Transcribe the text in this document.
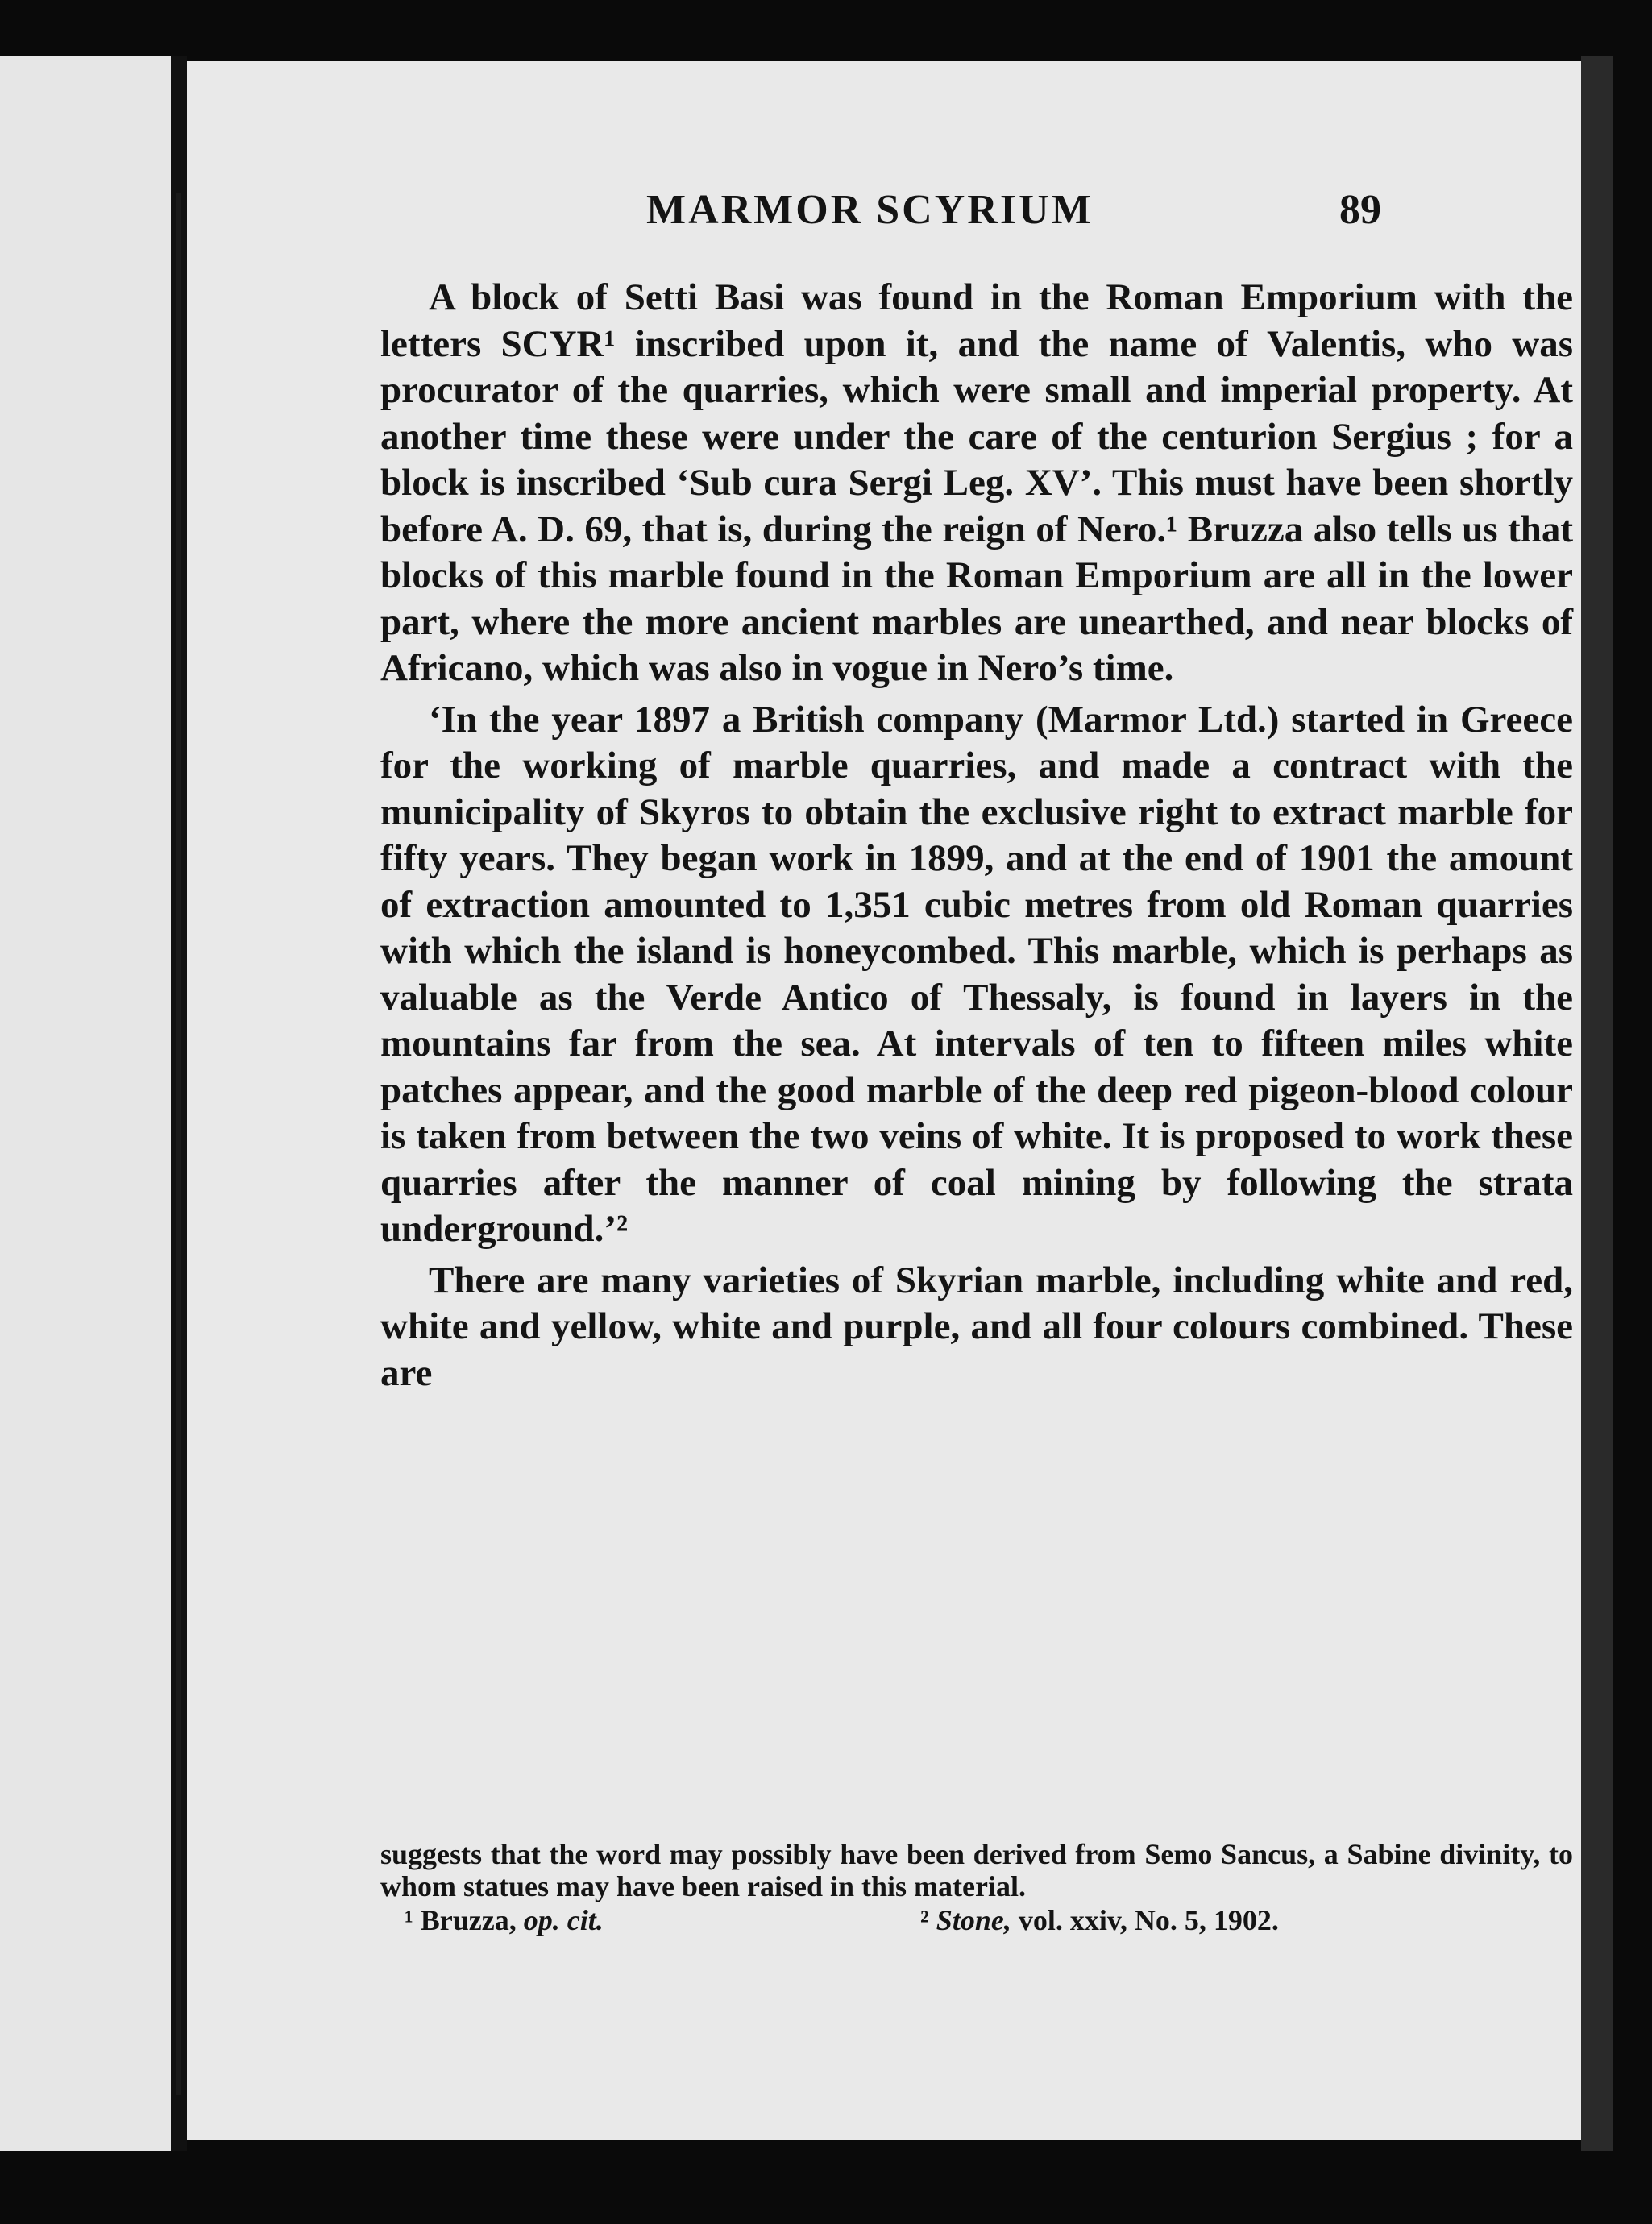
MARMOR SCYRIUM	89

A block of Setti Basi was found in the Roman Emporium with the letters SCYR¹ inscribed upon it, and the name of Valentis, who was procurator of the quarries, which were small and imperial property. At another time these were under the care of the centurion Sergius ; for a block is inscribed ‘Sub cura Sergi Leg. XV’. This must have been shortly before A. D. 69, that is, during the reign of Nero.¹ Bruzza also tells us that blocks of this marble found in the Roman Emporium are all in the lower part, where the more ancient marbles are unearthed, and near blocks of Africano, which was also in vogue in Nero’s time.

‘In the year 1897 a British company (Marmor Ltd.) started in Greece for the working of marble quarries, and made a contract with the municipality of Skyros to obtain the exclusive right to extract marble for fifty years. They began work in 1899, and at the end of 1901 the amount of extraction amounted to 1,351 cubic metres from old Roman quarries with which the island is honeycombed. This marble, which is perhaps as valuable as the Verde Antico of Thessaly, is found in layers in the mountains far from the sea. At intervals of ten to fifteen miles white patches appear, and the good marble of the deep red pigeon-blood colour is taken from between the two veins of white. It is proposed to work these quarries after the manner of coal mining by following the strata underground.’²

There are many varieties of Skyrian marble, including white and red, white and yellow, white and purple, and all four colours combined. These are

suggests that the word may possibly have been derived from Semo Sancus, a Sabine divinity, to whom statues may have been raised in this material.

¹ Bruzza, op. cit.	² Stone, vol. xxiv, No. 5, 1902.
